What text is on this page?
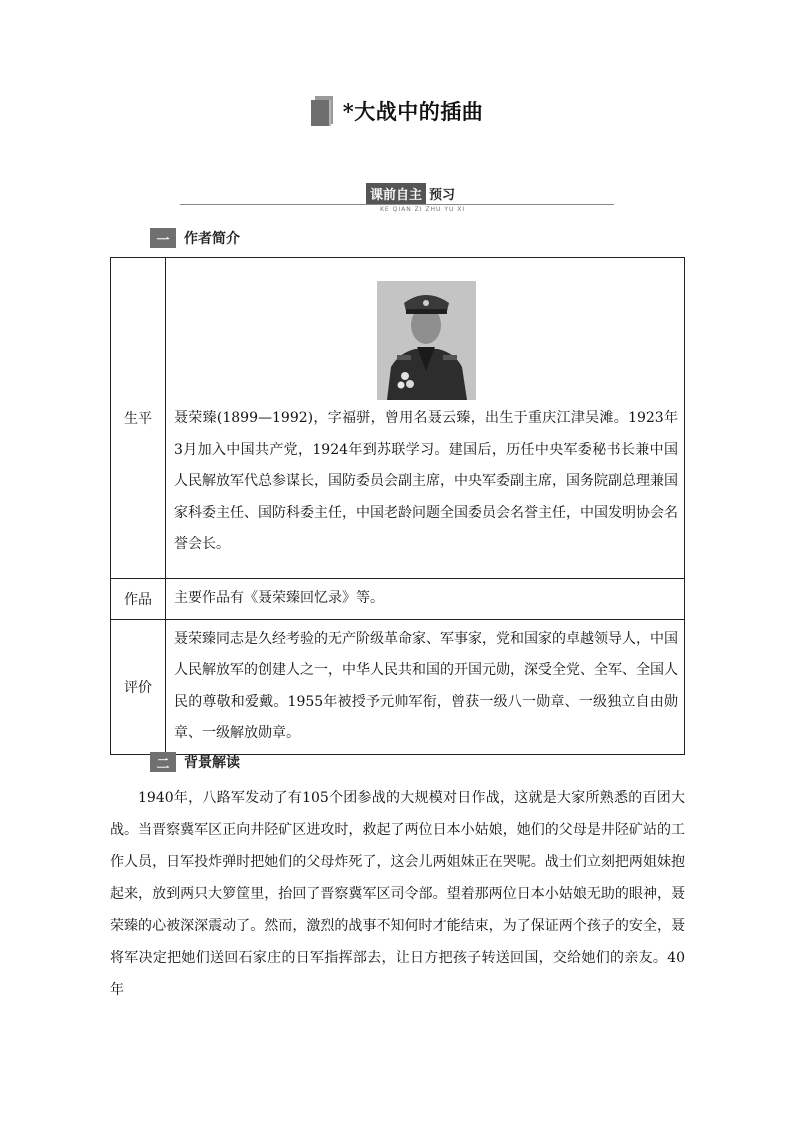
*大战中的插曲
课前自主 预习
KE QIAN ZI ZHU YU XI
一	作者简介
生平	聂荣臻(1899—1992)，字福骈，曾用名聂云臻，出生于重庆江津吴滩。1923年3月加入中国共产党，1924年到苏联学习。建国后，历任中央军委秘书长兼中国人民解放军代总参谋长，国防委员会副主席，中央军委副主席，国务院副总理兼国家科委主任、国防科委主任，中国老龄问题全国委员会名誉主任，中国发明协会名誉会长。

作品	主要作品有《聂荣臻回忆录》等。
评价	聂荣臻同志是久经考验的无产阶级革命家、军事家，党和国家的卓越领导人，中国人民解放军的创建人之一，中华人民共和国的开国元勋，深受全党、全军、全国人民的尊敬和爱戴。1955年被授予元帅军衔，曾获一级八一勋章、一级独立自由勋章、一级解放勋章。
二	背景解读
1940年，八路军发动了有105个团参战的大规模对日作战，这就是大家所熟悉的百团大战。当晋察冀军区正向井陉矿区进攻时，救起了两位日本小姑娘，她们的父母是井陉矿站的工作人员，日军投炸弹时把她们的父母炸死了，这会儿两姐妹正在哭呢。战士们立刻把两姐妹抱起来，放到两只大箩筐里，抬回了晋察冀军区司令部。望着那两位日本小姑娘无助的眼神，聂荣臻的心被深深震动了。然而，激烈的战事不知何时才能结束，为了保证两个孩子的安全，聂将军决定把她们送回石家庄的日军指挥部去，让日方把孩子转送回国，交给她们的亲友。40年
